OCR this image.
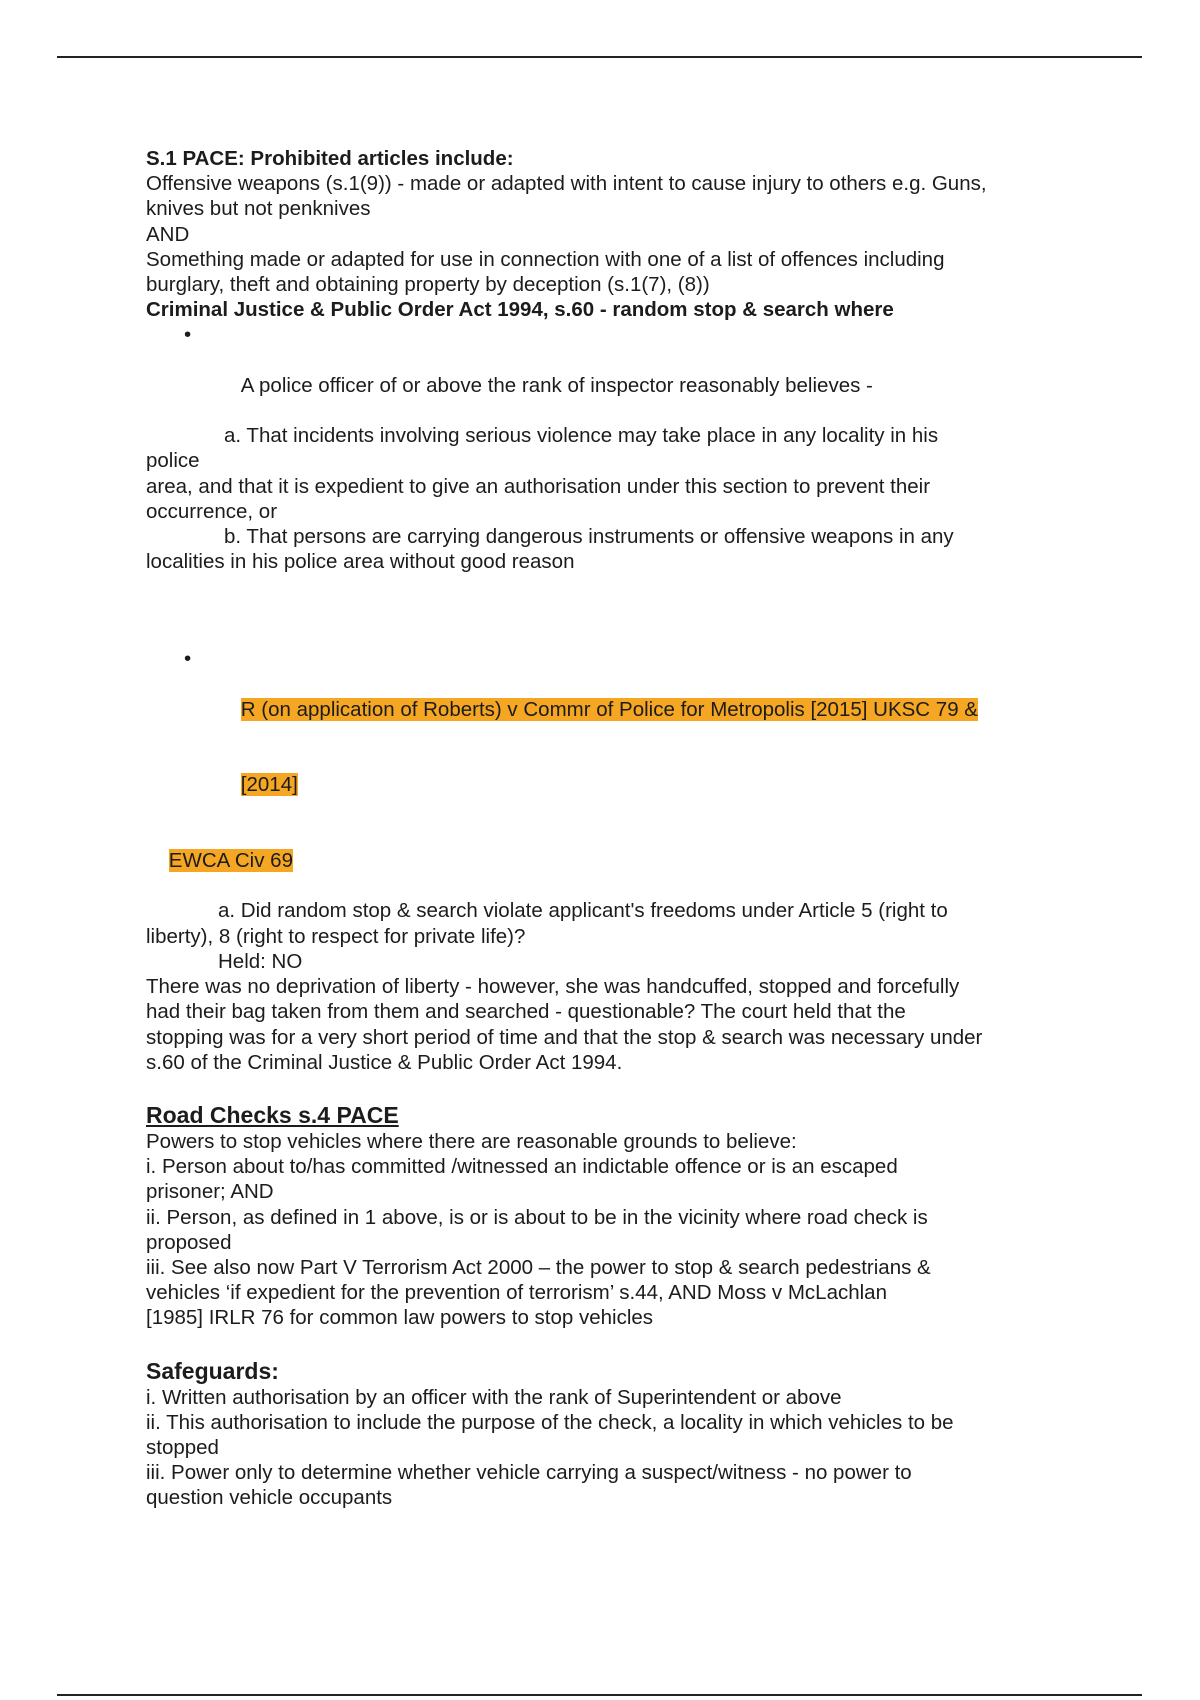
S.1 PACE: Prohibited articles include:
Offensive weapons (s.1(9)) - made or adapted with intent to cause injury to others e.g. Guns,
knives but not penknives
AND
Something made or adapted for use in connection with one of a list of offences including
burglary, theft and obtaining property by deception (s.1(7), (8))
Criminal Justice & Public Order Act 1994, s.60 - random stop & search where

•

A police officer of or above the rank of inspector reasonably believes -

a. That incidents involving serious violence may take place in any locality in his
police
area, and that it is expedient to give an authorisation under this section to prevent their
occurrence, or
b. That persons are carrying dangerous instruments or offensive weapons in any
localities in his police area without good reason

•

R (on application of Roberts) v Commr of Police for Metropolis [2015] UKSC 79 &

[2014]

EWCA Civ 69

a. Did random stop & search violate applicant's freedoms under Article 5 (right to
liberty), 8 (right to respect for private life)?
Held: NO
There was no deprivation of liberty - however, she was handcuffed, stopped and forcefully
had their bag taken from them and searched - questionable? The court held that the
stopping was for a very short period of time and that the stop & search was necessary under
s.60 of the Criminal Justice & Public Order Act 1994.
Road Checks s.4 PACE
Powers to stop vehicles where there are reasonable grounds to believe:
i. Person about to/has committed /witnessed an indictable offence or is an escaped
prisoner; AND
ii. Person, as defined in 1 above, is or is about to be in the vicinity where road check is
proposed
iii. See also now Part V Terrorism Act 2000 – the power to stop & search pedestrians &
vehicles ‘if expedient for the prevention of terrorism’ s.44, AND Moss v McLachlan
[1985] IRLR 76 for common law powers to stop vehicles
Safeguards:
i. Written authorisation by an officer with the rank of Superintendent or above
ii. This authorisation to include the purpose of the check, a locality in which vehicles to be
stopped
iii. Power only to determine whether vehicle carrying a suspect/witness - no power to
question vehicle occupants
